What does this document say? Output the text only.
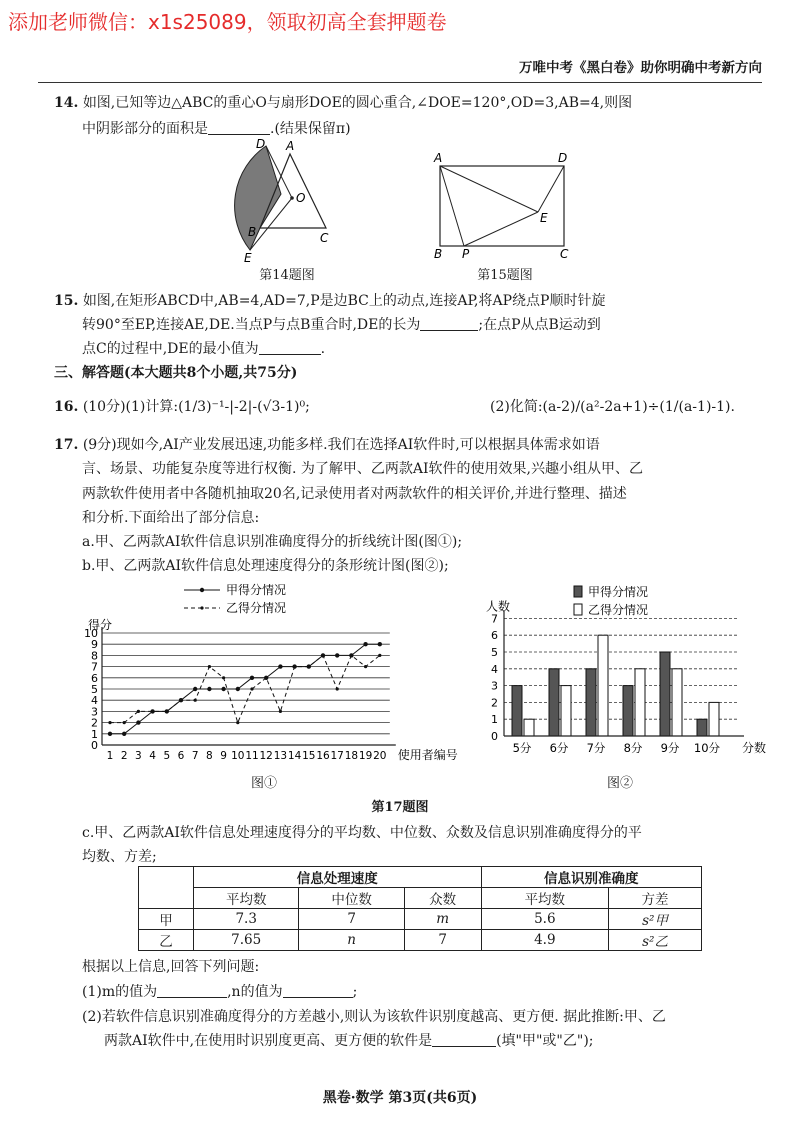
添加老师微信：x1s25089，领取初高全套押题卷
万唯中考《黑白卷》助你明确中考新方向
14. 如图,已知等边△ABC的重心O与扇形DOE的圆心重合,∠DOE=120°,OD=3,AB=4,则图
中阴影部分的面积是	.(结果保留π)
D A
O
B	C
E
第14题图
A	D
E
B P	C
第15题图
15. 如图,在矩形ABCD中,AB=4,AD=7,P是边BC上的动点,连接AP,将AP绕点P顺时针旋
转90°至EP,连接AE,DE.当点P与点B重合时,DE的长为	;在点P从点B运动到
点C的过程中,DE的最小值为	.
三、解答题(本大题共8个小题,共75分)
16. (10分)(1)计算:(1/3)⁻¹-|-2|-(√3-1)⁰;	(2)化简:(a-2)/(a²-2a+1)÷(1/(a-1)-1).
17. (9分)现如今,AI产业发展迅速,功能多样.我们在选择AI软件时,可以根据具体需求如语
言、场景、功能复杂度等进行权衡. 为了解甲、乙两款AI软件的使用效果,兴趣小组从甲、乙
两款软件使用者中各随机抽取20名,记录使用者对两款软件的相关评价,并进行整理、描述
和分析.下面给出了部分信息:
a.甲、乙两款AI软件信息识别准确度得分的折线统计图(图①);
b.甲、乙两款AI软件信息处理速度得分的条形统计图(图②);
甲得分情况
乙得分情况
1
2
3
4
5
6
7
8
9
10
0
1 2 3 4 5 6 7 8 9 10 11 12 13 14 15 16 17 18 19 20
得分
使用者编号
图①
甲得分情况
乙得分情况
1
2
3
4
5
6
7
0
5分 6分 7分 8分 9分 10分
人数
分数
图②
第17题图
c.甲、乙两款AI软件信息处理速度得分的平均数、中位数、众数及信息识别准确度得分的平
均数、方差;
	信息处理速度			信息识别准确度	
	平均数	中位数	众数	平均数	方差
甲	7.3	7	m	5.6	s²甲
乙	7.65	n	7	4.9	s²乙
根据以上信息,回答下列问题:
(1)m的值为	,n的值为	;
(2)若软件信息识别准确度得分的方差越小,则认为该软件识别度越高、更方便. 据此推断:甲、乙
两款AI软件中,在使用时识别度更高、更方便的软件是	(填"甲"或"乙");
黑卷·数学 第3页(共6页)
